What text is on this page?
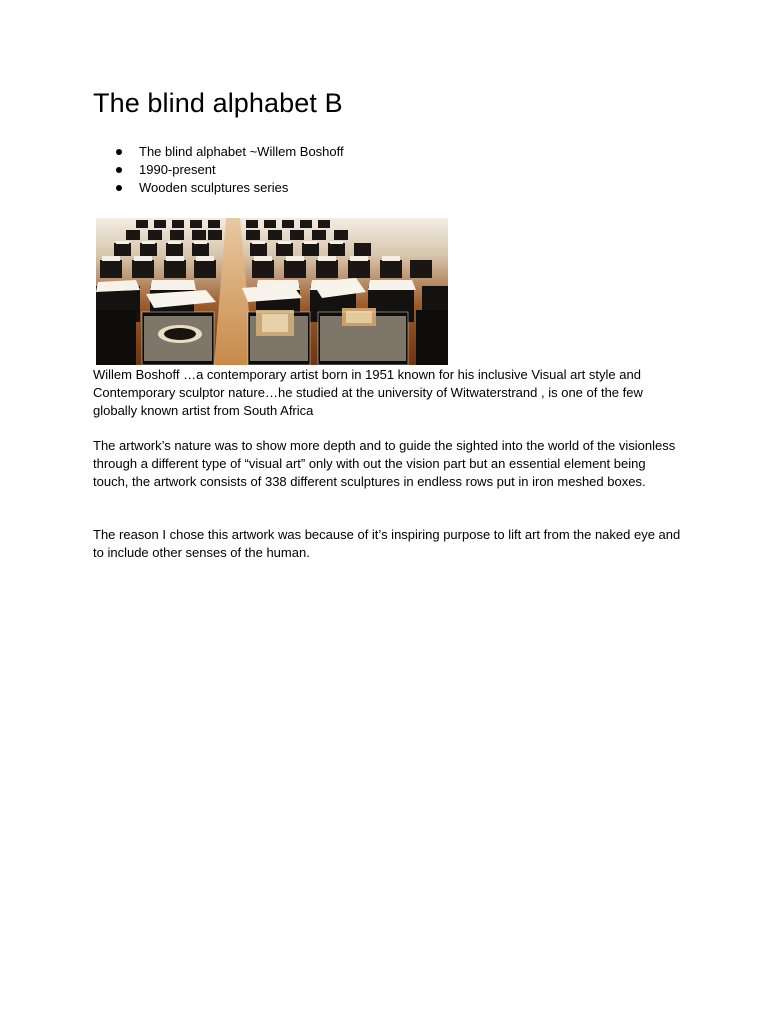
The blind alphabet B
The blind alphabet ~Willem Boshoff
1990-present
Wooden sculptures series

Willem Boshoff …a contemporary artist born in 1951 known for his inclusive Visual art style and Contemporary sculptor nature…he studied at the university of Witwaterstrand , is one of the few globally known artist from South Africa

The artwork’s nature was to show more depth and to guide the sighted into the world of the visionless through a different type of “visual art” only with out the vision part but an essential element being touch, the artwork consists of 338 different sculptures in endless rows put in iron meshed boxes.

The reason I chose this artwork was because of it’s inspiring purpose to lift art from the naked eye and to include other senses of the human.
